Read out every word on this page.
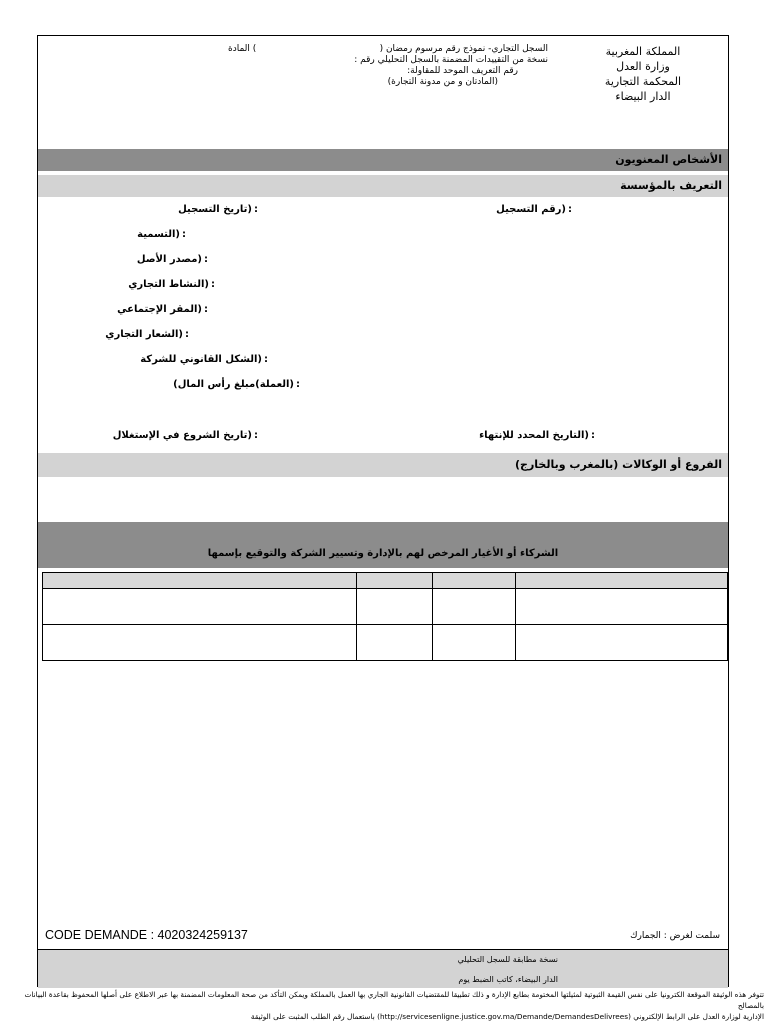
المملكة المغربية
وزارة العدل
المحكمة التجارية
الدار البيضاء
السجل التجاري- نموذج رقم مرسوم رمضان (
) المادة
نسخة من التقييدات المضمنة بالسجل التحليلي رقم :
رقم التعريف الموحد للمقاولة:
(المادتان و من مدونة التجارة)
الأشخاص المعنويون
التعريف بالمؤسسة
:(رقم التسجيل
:(تاريخ التسجيل
:(التسمية
:(مصدر الأصل
:(النشاط التجاري
:(المقر الإجتماعي
:(الشعار التجاري
:(الشكل القانوني للشركة
:(العملة)مبلغ رأس المال)
:(التاريخ المحدد للإنتهاء
:(تاريخ الشروع في الإستغلال
الفروع أو الوكالات (بالمغرب وبالخارج)
الشركاء أو الأغيار المرخص لهم بالإدارة وتسيير الشركة والتوقيع بإسمها

CODE DEMANDE : 4020324259137	سلمت لغرض : الجمارك
نسخة مطابقة للسجل التحليلي
الدار البيضاء، كاتب الضبط يوم
تتوفر هذه الوثيقة الموقعة الكترونيا على نفس القيمة الثبوتية لمثيلتها المختومة بطابع الإدارة و ذلك تطبيقا للمقتضيات القانونية الجاري بها العمل بالمملكة ويمكن التأكد من صحة المعلومات المضمنة بها عبر الاطلاع على أصلها المحفوظ بقاعدة البيانات بالمصالح
الإدارية لوزارة العدل على الرابط الإلكتروني (http://servicesenligne.justice.gov.ma/Demande/DemandesDelivrees) باستعمال رقم الطلب المثبت على الوثيقة
